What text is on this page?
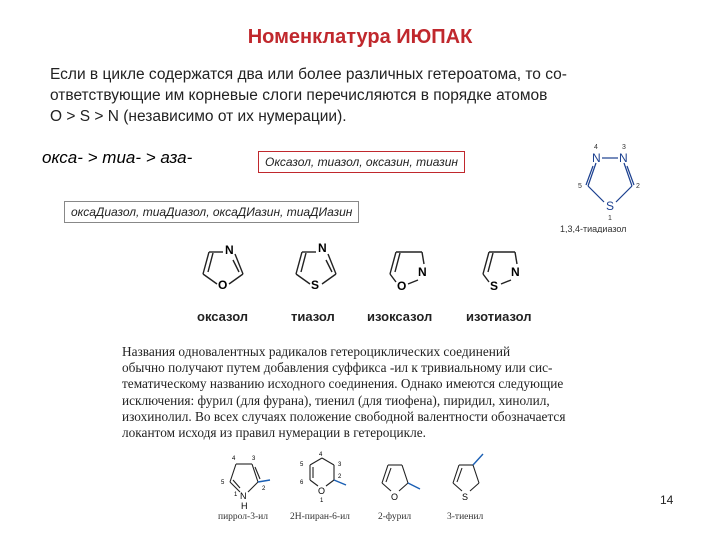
Номенклатура ИЮПАК
Если в цикле содержатся два или более различных гетероатома, то со-
ответствующие им корневые слоги перечисляются в порядке атомов
O > S > N (независимо от их нумерации).
окса- > тиа- > аза-	Оксазол, тиазол, оксазин, тиазин
оксаДиазол, тиаДиазол, оксаДИазин, тиаДИазин
N N
S
4	3
5	2
1
1,3,4-тиадиазол
N
O
N
S	O
N
S
N
оксазол	тиазол изоксазол	изотиазол
Названия одновалентных радикалов гетероциклических соединений
обычно получают путем добавления суффикса -ил к тривиальному или сис-
тематическому названию исходного соединения. Однако имеются следующие
исключения: фурил (для фурана), тиенил (для тиофена), пиридил, хинолил,
изохинолил. Во всех случаях положение свободной валентности обозначается
локантом исходя из правил нумерации в гетероцикле.
N
H
4	3
5
2
1	O
4
5	3
6
2
1	O	S
пиррол-3-ил 2H-пиран-6-ил	2-фурил	3-тиенил
14
